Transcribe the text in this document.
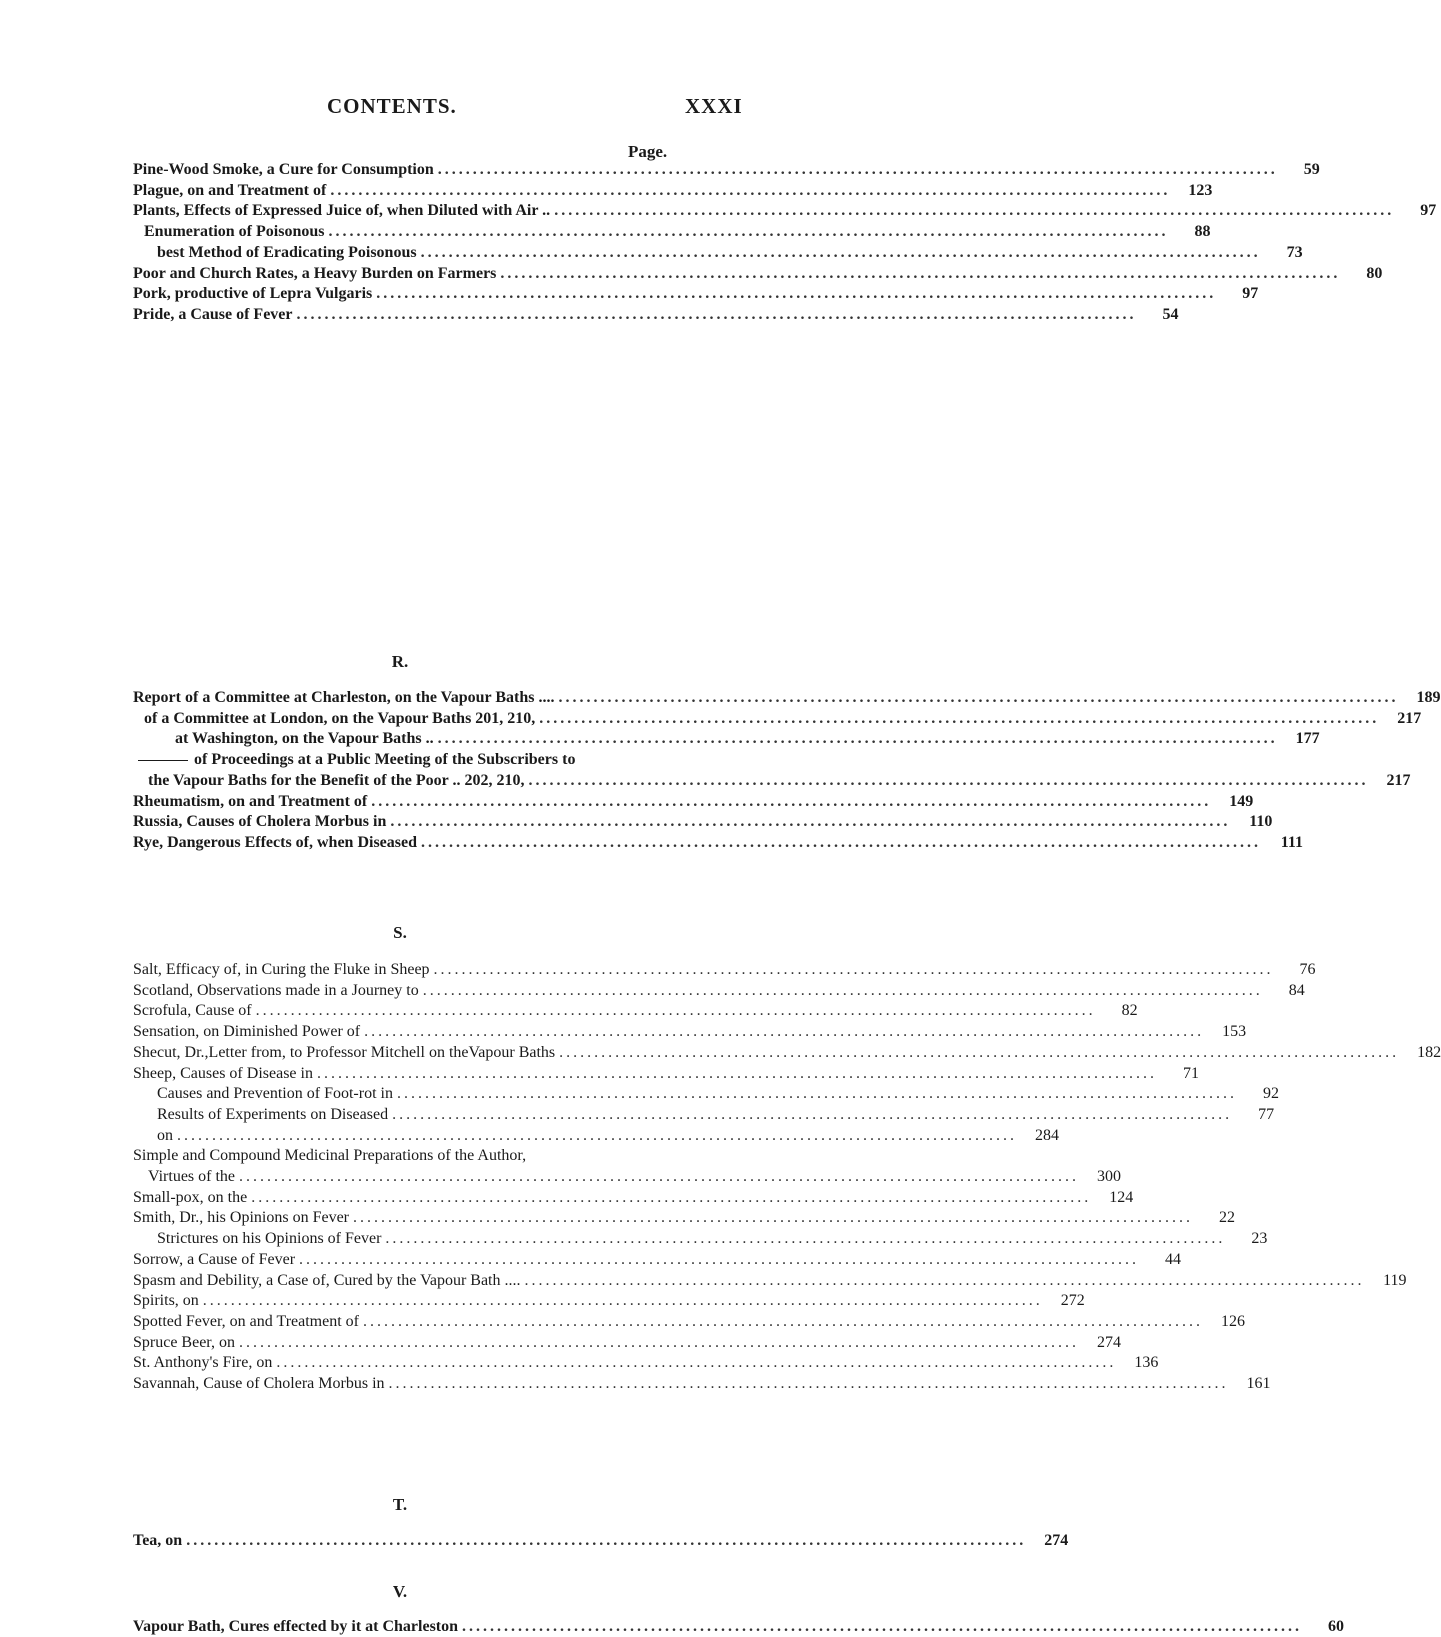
CONTENTS.	XXXI
Page.
Pine-Wood Smoke, a Cure for Consumption ........................................................................................................................	59
Plague, on and Treatment of ........................................................................................................................	123
Plants, Effects of Expressed Juice of, when Diluted with Air .. ........................................................................................................................	97
Enumeration of Poisonous ........................................................................................................................	88
best Method of Eradicating Poisonous ........................................................................................................................	73
Poor and Church Rates, a Heavy Burden on Farmers ........................................................................................................................	80
Pork, productive of Lepra Vulgaris ........................................................................................................................	97
Pride, a Cause of Fever ........................................................................................................................	54
R.
Report of a Committee at Charleston, on the Vapour Baths .... ........................................................................................................................	189
of a Committee at London, on the Vapour Baths 201, 210, ........................................................................................................................	217
at Washington, on the Vapour Baths .. ........................................................................................................................	177
of Proceedings at a Public Meeting of the Subscribers to
the Vapour Baths for the Benefit of the Poor .. 202, 210, ........................................................................................................................	217
Rheumatism, on and Treatment of ........................................................................................................................	149
Russia, Causes of Cholera Morbus in ........................................................................................................................	110
Rye, Dangerous Effects of, when Diseased ........................................................................................................................	111
S.
Salt, Efficacy of, in Curing the Fluke in Sheep ........................................................................................................................	76
Scotland, Observations made in a Journey to ........................................................................................................................	84
Scrofula, Cause of ........................................................................................................................	82
Sensation, on Diminished Power of ........................................................................................................................	153
Shecut, Dr.,Letter from, to Professor Mitchell on theVapour Baths ........................................................................................................................	182
Sheep, Causes of Disease in ........................................................................................................................	71
Causes and Prevention of Foot-rot in ........................................................................................................................	92
Results of Experiments on Diseased ........................................................................................................................	77
on ........................................................................................................................	284
Simple and Compound Medicinal Preparations of the Author,
Virtues of the ........................................................................................................................	300
Small-pox, on the ........................................................................................................................	124
Smith, Dr., his Opinions on Fever ........................................................................................................................	22
Strictures on his Opinions of Fever ........................................................................................................................	23
Sorrow, a Cause of Fever ........................................................................................................................	44
Spasm and Debility, a Case of, Cured by the Vapour Bath .... ........................................................................................................................	119
Spirits, on ........................................................................................................................	272
Spotted Fever, on and Treatment of ........................................................................................................................	126
Spruce Beer, on ........................................................................................................................	274
St. Anthony's Fire, on ........................................................................................................................	136
Savannah, Cause of Cholera Morbus in ........................................................................................................................	161
T.
Tea, on ........................................................................................................................	274
V.
Vapour Bath, Cures effected by it at Charleston ........................................................................................................................	60
